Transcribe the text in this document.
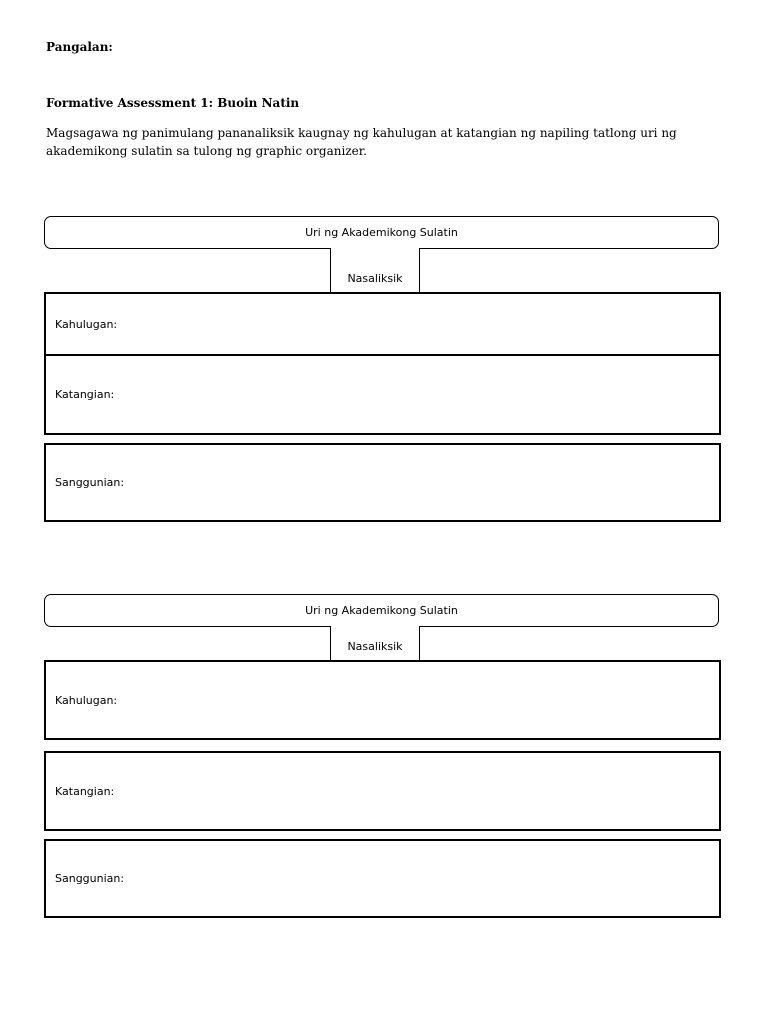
Pangalan:
Formative Assessment 1: Buoin Natin
Magsagawa ng panimulang pananaliksik kaugnay ng kahulugan at katangian ng napiling tatlong uri ng akademikong sulatin sa tulong ng graphic organizer.
Uri ng Akademikong Sulatin
Nasaliksik
Kahulugan:
Katangian:
Sanggunian:
Uri ng Akademikong Sulatin
Nasaliksik
Kahulugan:
Katangian:
Sanggunian:
